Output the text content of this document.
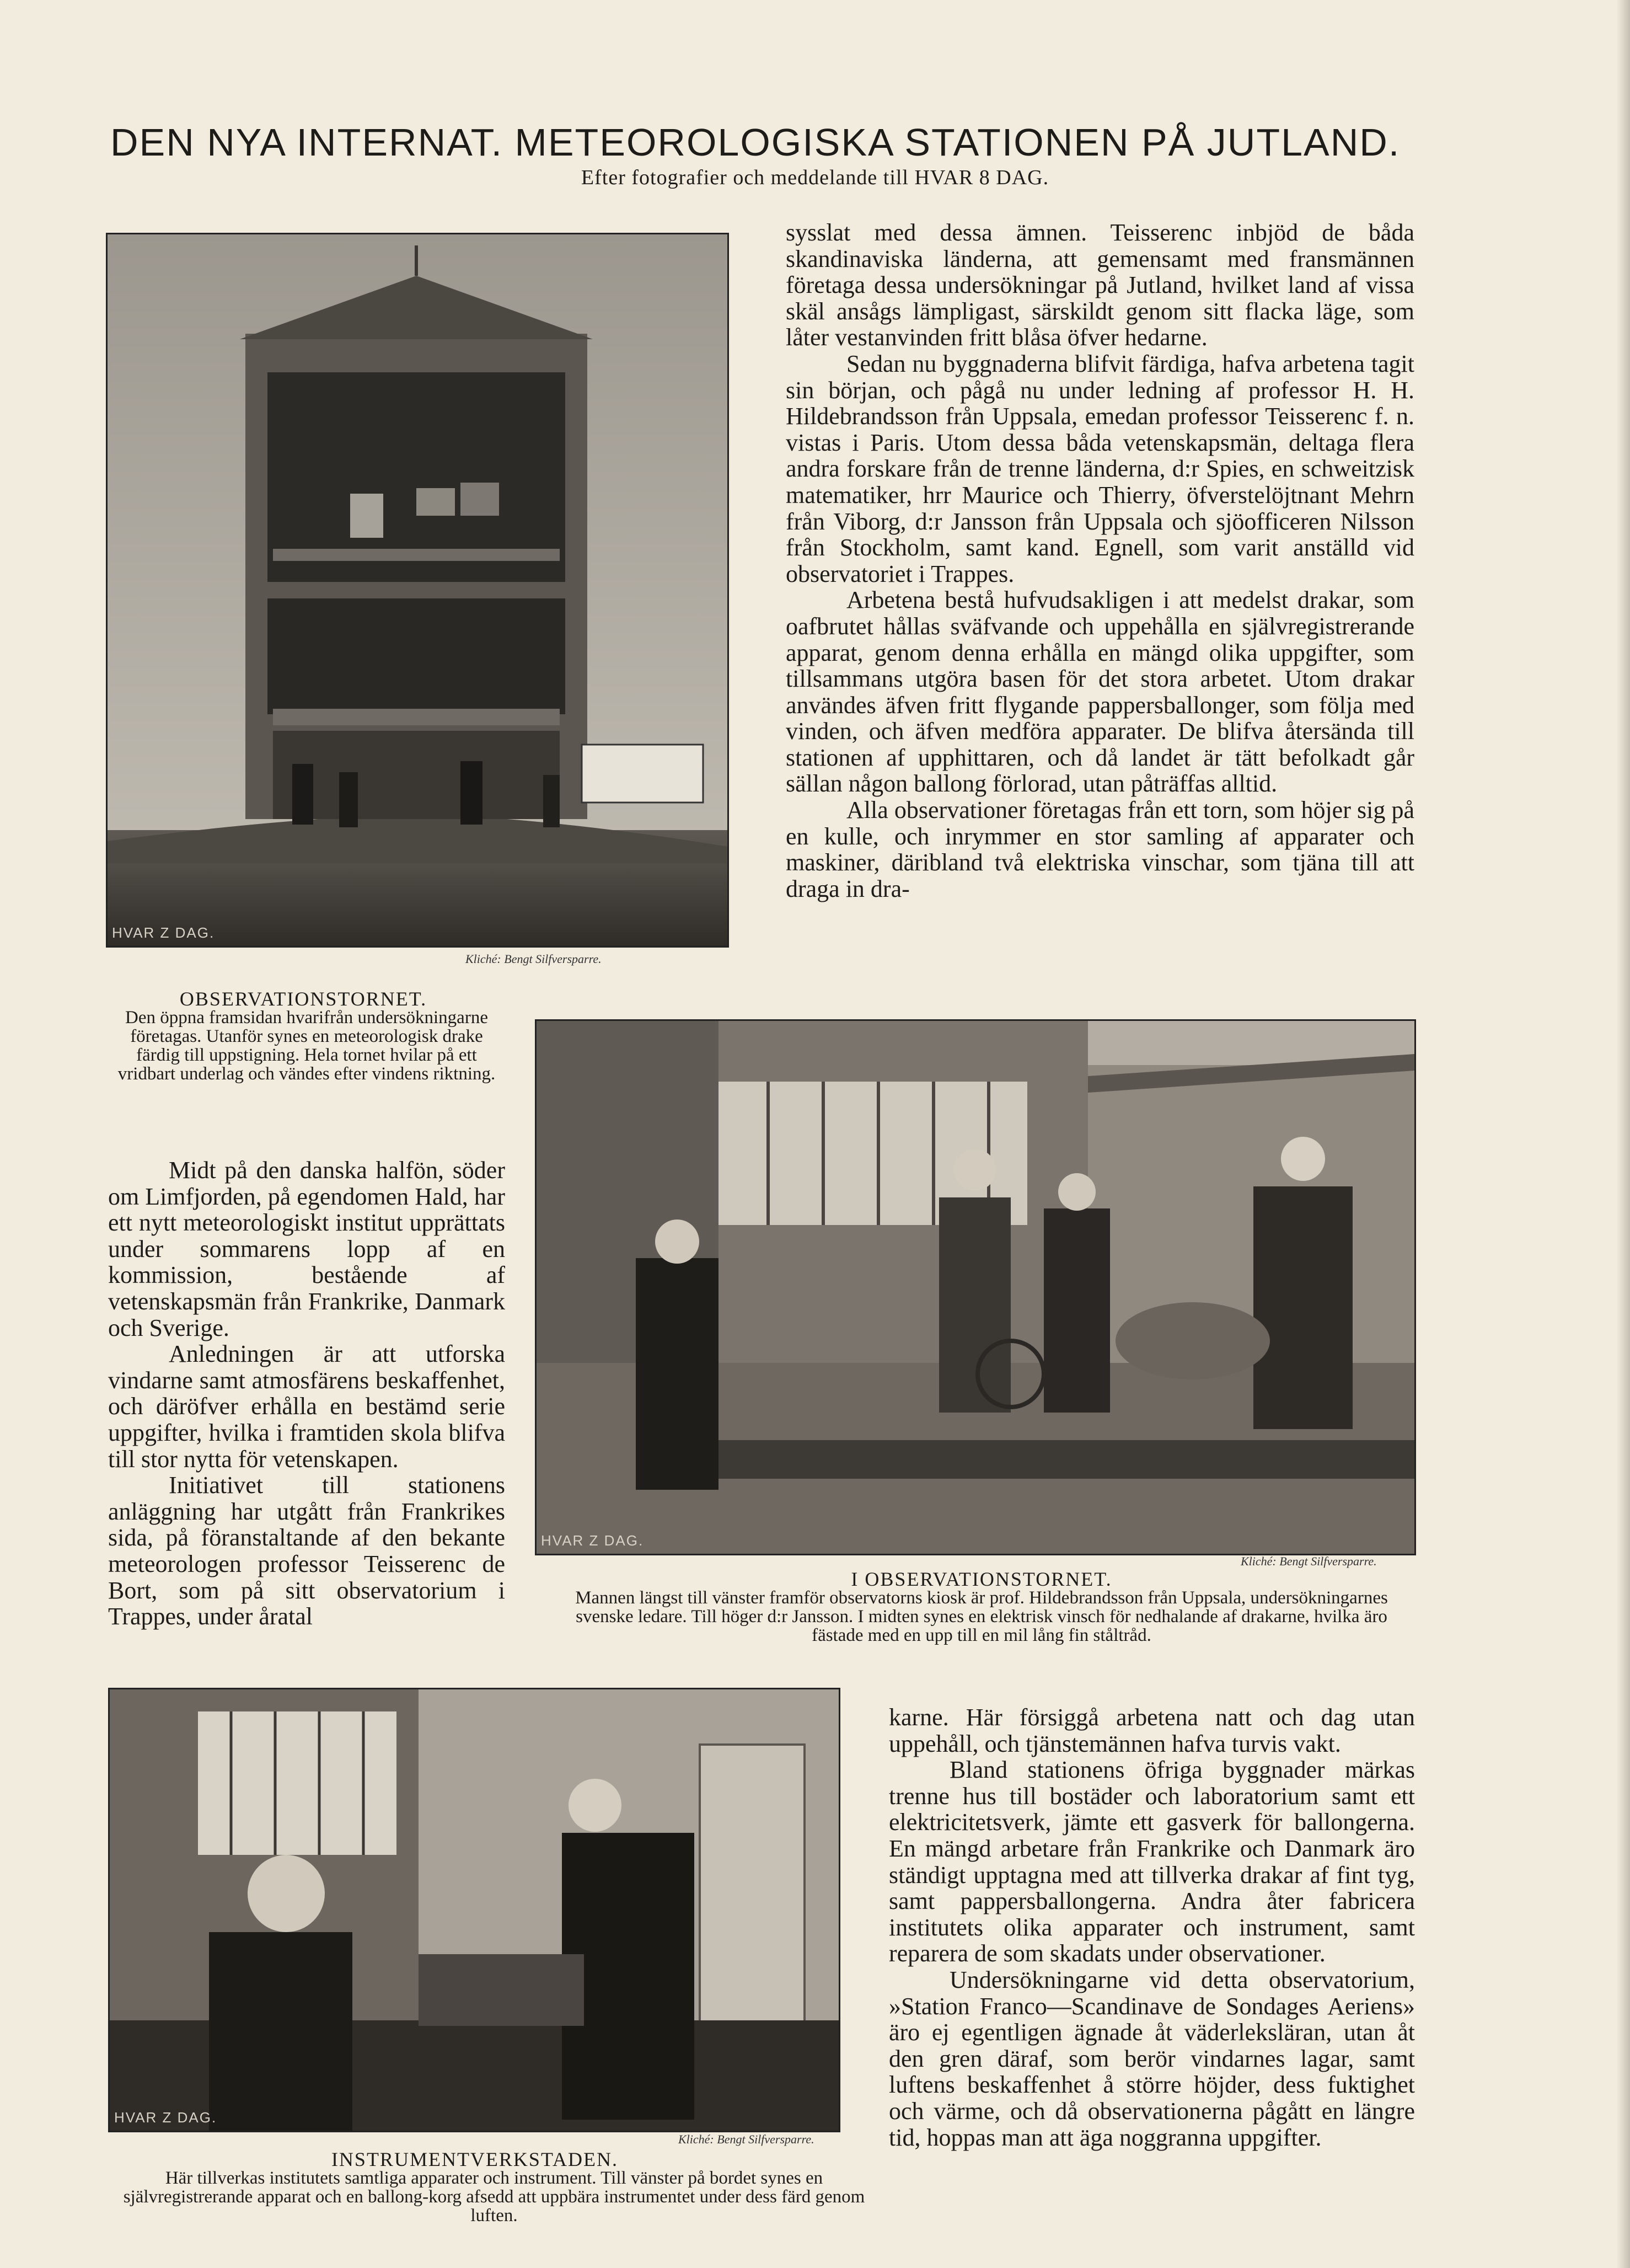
DEN NYA INTERNAT. METEOROLOGISKA STATIONEN PÅ JUTLAND.
Efter fotografier och meddelande till HVAR 8 DAG.
HVAR Z DAG.
Kliché: Bengt Silfversparre.
OBSERVATIONSTORNET.
Den öppna framsidan hvarifrån undersökningarne företagas. Utanför synes en meteorologisk drake färdig till uppstigning. Hela tornet hvilar på ett vridbart underlag och vändes efter vindens riktning.

sysslat med dessa ämnen. Teisserenc inbjöd de båda skandinaviska länderna, att gemensamt med fransmännen företaga dessa undersökningar på Jutland, hvilket land af vissa skäl ansågs lämpligast, särskildt genom sitt flacka läge, som låter vestanvinden fritt blåsa öfver hedarne.

Sedan nu byggnaderna blifvit färdiga, hafva arbetena tagit sin början, och pågå nu under ledning af professor H. H. Hildebrandsson från Uppsala, emedan professor Teisserenc f. n. vistas i Paris. Utom dessa båda vetenskapsmän, deltaga flera andra forskare från de trenne länderna, d:r Spies, en schweitzisk matematiker, hrr Maurice och Thierry, öfverstelöjtnant Mehrn från Viborg, d:r Jansson från Uppsala och sjöofficeren Nilsson från Stockholm, samt kand. Egnell, som varit anställd vid observatoriet i Trappes.

Arbetena bestå hufvudsakligen i att medelst drakar, som oafbrutet hållas sväfvande och uppehålla en självregistrerande apparat, genom denna erhålla en mängd olika uppgifter, som tillsammans utgöra basen för det stora arbetet. Utom drakar användes äfven fritt flygande pappersballonger, som följa med vinden, och äfven medföra apparater. De blifva återsända till stationen af upphittaren, och då landet är tätt befolkadt går sällan någon ballong förlorad, utan påträffas alltid.

Alla observationer företagas från ett torn, som höjer sig på en kulle, och inrymmer en stor samling af apparater och maskiner, däribland två elektriska vinschar, som tjäna till att draga in dra-

Midt på den danska halfön, söder om Limfjorden, på egendomen Hald, har ett nytt meteorologiskt institut upprättats under sommarens lopp af en kommission, bestående af vetenskapsmän från Frankrike, Danmark och Sverige.

Anledningen är att utforska vindarne samt atmosfärens beskaffenhet, och däröfver erhålla en bestämd serie uppgifter, hvilka i framtiden skola blifva till stor nytta för vetenskapen.

Initiativet till stationens anläggning har utgått från Frankrikes sida, på föranstaltande af den bekante meteorologen professor Teisserenc de Bort, som på sitt observatorium i Trappes, under åratal

HVAR Z DAG.
Kliché: Bengt Silfversparre.
I OBSERVATIONSTORNET.
Mannen längst till vänster framför observatorns kiosk är prof. Hildebrandsson från Uppsala, undersökningarnes svenske ledare. Till höger d:r Jansson. I midten synes en elektrisk vinsch för nedhalande af drakarne, hvilka äro fästade med en upp till en mil lång fin ståltråd.
HVAR Z DAG.
Kliché: Bengt Silfversparre.
INSTRUMENTVERKSTADEN.
Här tillverkas institutets samtliga apparater och instrument. Till vänster på bordet synes en självregistrerande apparat och en ballong-korg afsedd att uppbära instrumentet under dess färd genom luften.

karne. Här försiggå arbetena natt och dag utan uppehåll, och tjänstemännen hafva turvis vakt.

Bland stationens öfriga byggnader märkas trenne hus till bostäder och laboratorium samt ett elektricitetsverk, jämte ett gasverk för ballongerna. En mängd arbetare från Frankrike och Danmark äro ständigt upptagna med att tillverka drakar af fint tyg, samt pappersballongerna. Andra åter fabricera institutets olika apparater och instrument, samt reparera de som skadats under observationer.

Undersökningarne vid detta observatorium, »Station Franco—Scandinave de Sondages Aeriens» äro ej egentligen ägnade åt väderleksläran, utan åt den gren däraf, som berör vindarnes lagar, samt luftens beskaffenhet å större höjder, dess fuktighet och värme, och då observationerna pågått en längre tid, hoppas man att äga noggranna uppgifter.
